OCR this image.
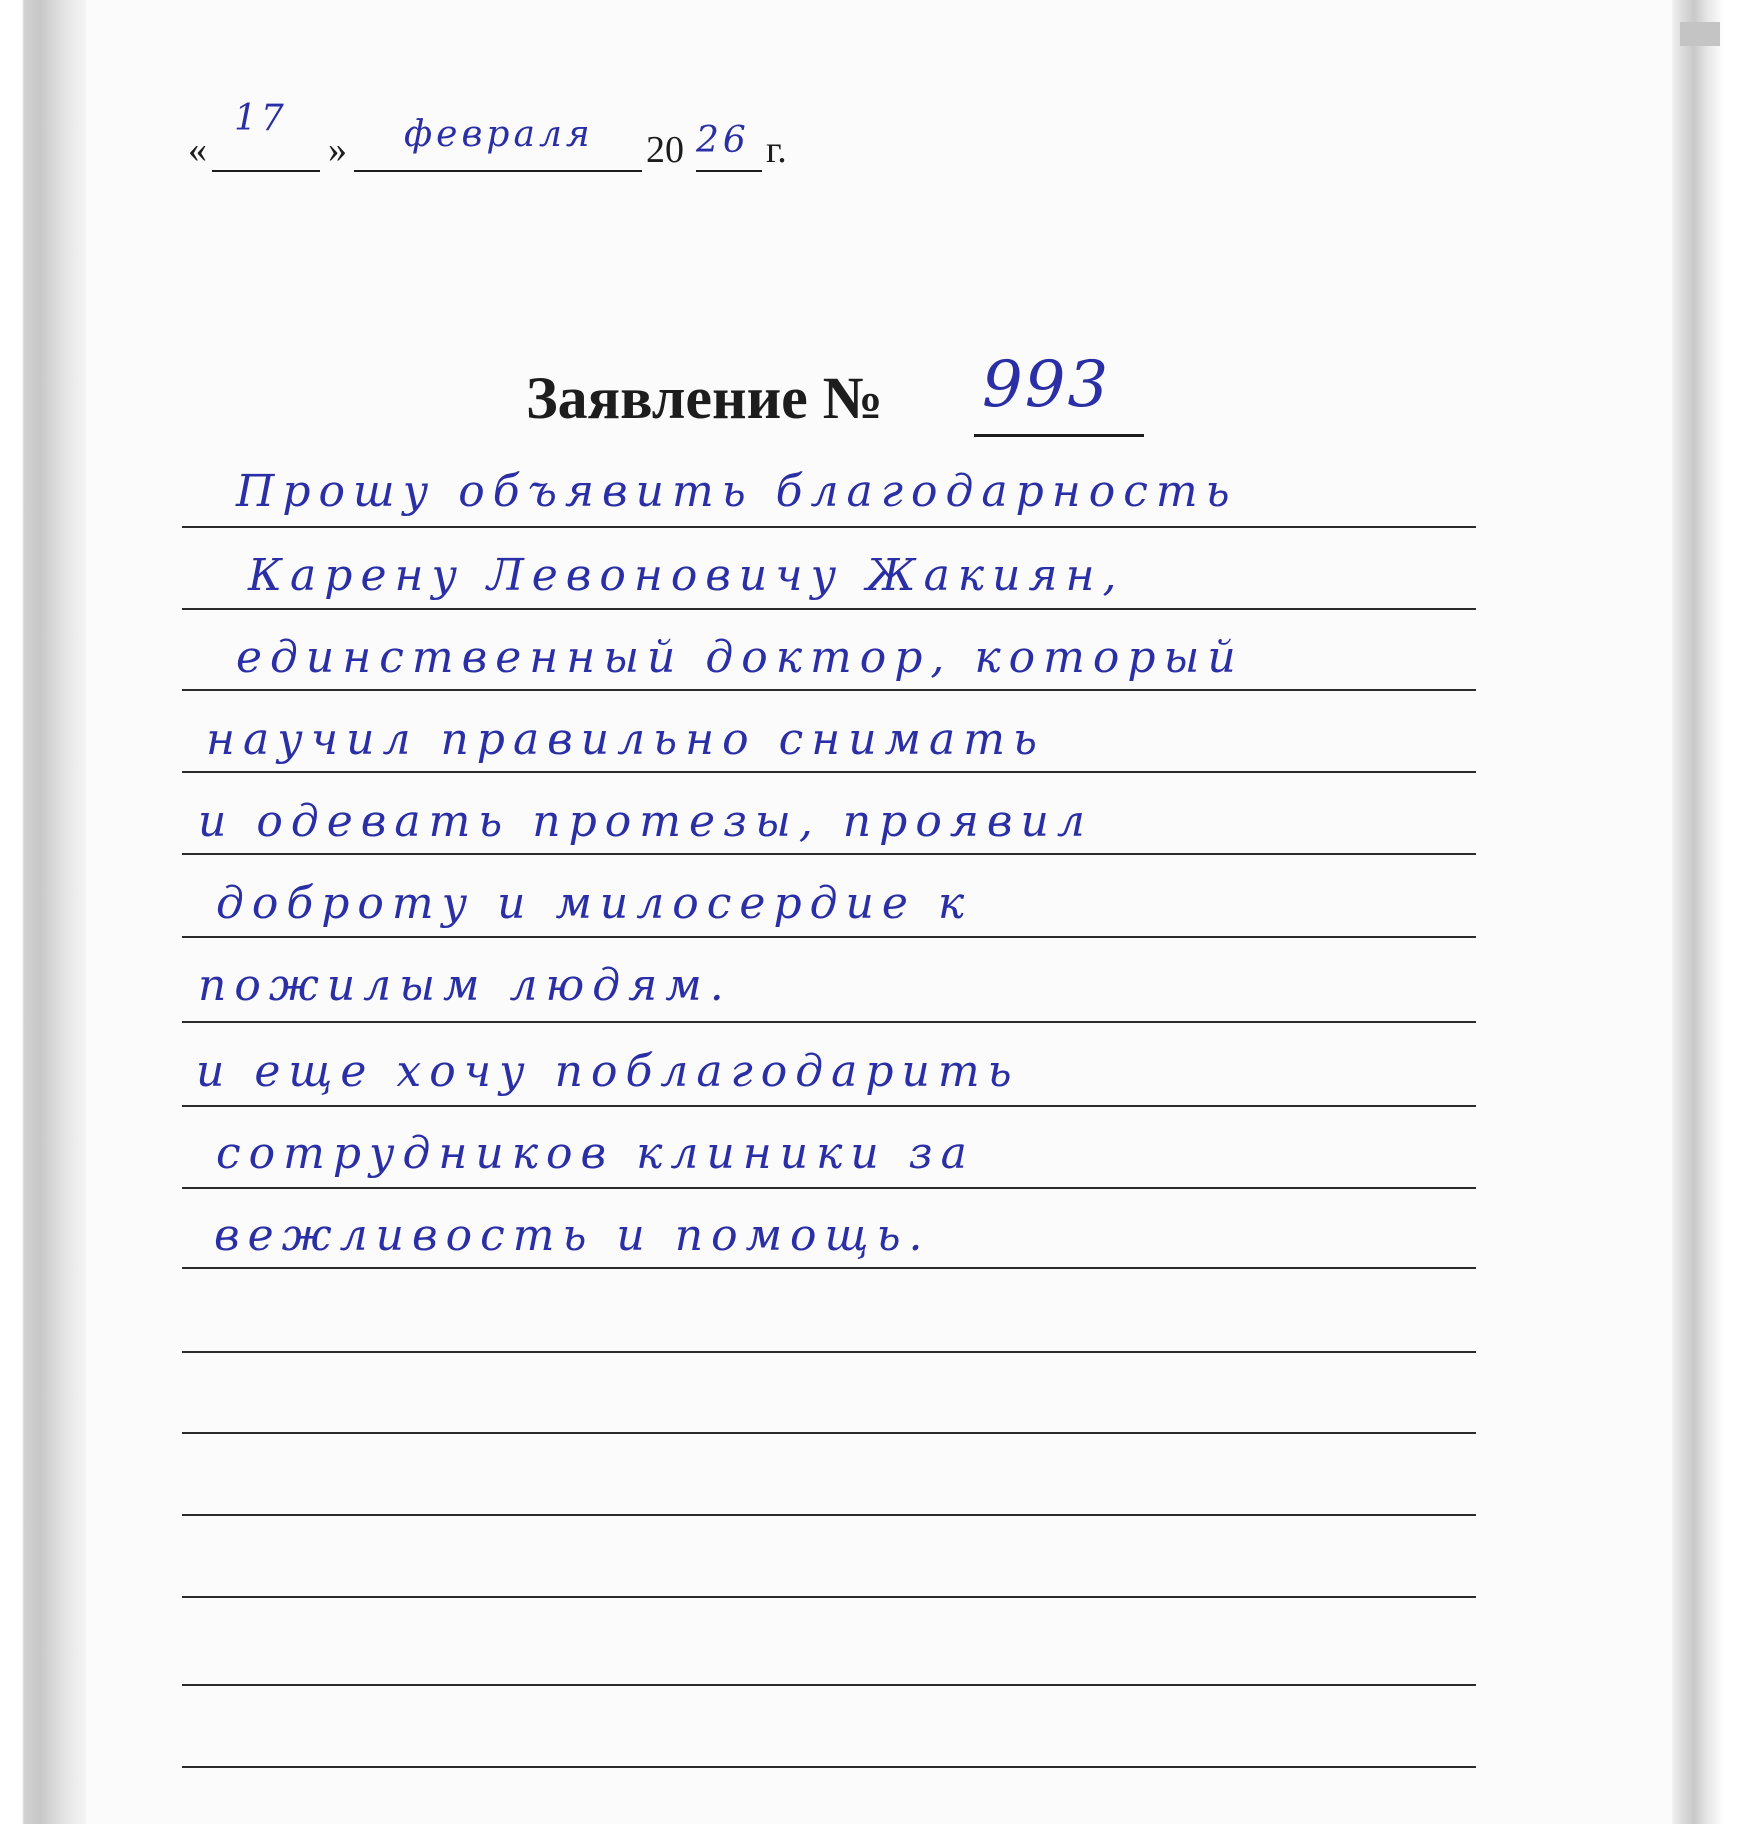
«
17
» февраля 20 26 г.
Заявление № 993
Прошу объявить благодарность
Карену Левоновичу Жакиян,
единственный доктор, который
научил правильно снимать
и одевать протезы, проявил
доброту и милосердие к
пожилым людям.
и еще хочу поблагодарить
сотрудников клиники за
вежливость и помощь.
